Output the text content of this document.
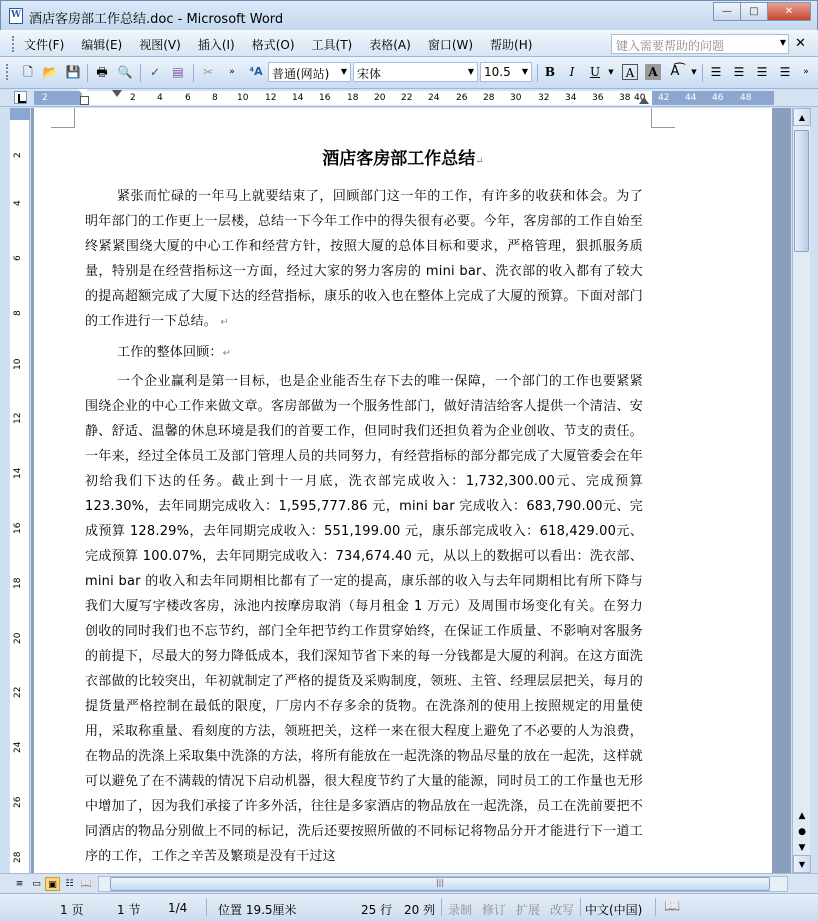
W
酒店客房部工作总结.doc - Microsoft Word
—	□	✕
文件(F) 编辑(E) 视图(V) 插入(I) 格式(O) 工具(T) 表格(A) 窗口(W) 帮助(H)	键入需要帮助的问题	▼ ✕
🗋 📂 💾 🖶 🔍 ✓ ▤ ✂	»	⁴A 普通(网站) ▼ 宋体	▼ 10.5 ▼ B	I	U	▼ A	A A͡	▼	☰ ☰ ☰ ☰	»
42 44 46 48
2	2 4 6 8 10 12 14 16 18 20 22 24 26 28 30 32 34 36 38 40
2
4
6
8
10
12
14
16
18
20
22
24
26
28
酒店客房部工作总结↵
紧张而忙碌的一年马上就要结束了，回顾部门这一年的工作，有许多的收获和体会。为了明年部门的工作更上一层楼，总结一下今年工作中的得失很有必要。今年，客房部的工作自始至终紧紧围绕大厦的中心工作和经营方针，按照大厦的总体目标和要求，严格管理，狠抓服务质量，特别是在经营指标这一方面，经过大家的努力客房的 mini bar、洗衣部的收入都有了较大的提高超额完成了大厦下达的经营指标，康乐的收入也在整体上完成了大厦的预算。下面对部门的工作进行一下总结。 ↵
工作的整体回顾：↵
一个企业赢利是第一目标，也是企业能否生存下去的唯一保障，一个部门的工作也要紧紧围绕企业的中心工作来做文章。客房部做为一个服务性部门，做好清洁给客人提供一个清洁、安静、舒适、温馨的休息环境是我们的首要工作，但同时我们还担负着为企业创收、节支的责任。一年来，经过全体员工及部门管理人员的共同努力，有经营指标的部分都完成了大厦管委会在年初给我们下达的任务。截止到十一月底，洗衣部完成收入：1,732,300.00元、完成预算 123.30%，去年同期完成收入：1,595,777.86 元，mini bar 完成收入：683,790.00元、完成预算 128.29%，去年同期完成收入：551,199.00 元，康乐部完成收入：618,429.00元、完成预算 100.07%，去年同期完成收入：734,674.40 元，从以上的数据可以看出：洗衣部、mini bar 的收入和去年同期相比都有了一定的提高，康乐部的收入与去年同期相比有所下降与我们大厦写字楼改客房，泳池内按摩房取消（每月租金 1 万元）及周围市场变化有关。在努力创收的同时我们也不忘节约，部门全年把节约工作贯穿始终，在保证工作质量、不影响对客服务的前提下，尽最大的努力降低成本，我们深知节省下来的每一分钱都是大厦的利润。在这方面洗衣部做的比较突出，年初就制定了严格的提货及采购制度，领班、主管、经理层层把关，每月的提货量严格控制在最低的限度，厂房内不存多余的货物。在洗涤剂的使用上按照规定的用量使用，采取称重量、看刻度的方法，领班把关，这样一来在很大程度上避免了不必要的人为浪费，在物品的洗涤上采取集中洗涤的方法，将所有能放在一起洗涤的物品尽量的放在一起洗，这样就可以避免了在不满载的情况下启动机器，很大程度节约了大量的能源，同时员工的工作量也无形中增加了，因为我们承接了许多外活，往往是多家酒店的物品放在一起洗涤，员工在洗前要把不同酒店的物品分别做上不同的标记，洗后还要按照所做的不同标记将物品分开才能进行下一道工序的工作，工作之辛苦及繁琐是没有干过这
▲
▲
●
▼
▼
≡ ▭ ▣ ☷ 📖	|||
1 页	1 节 1/4	位置 19.5厘米	25 行 20 列 录制 修订 扩展 改写 中文(中国) 📖
